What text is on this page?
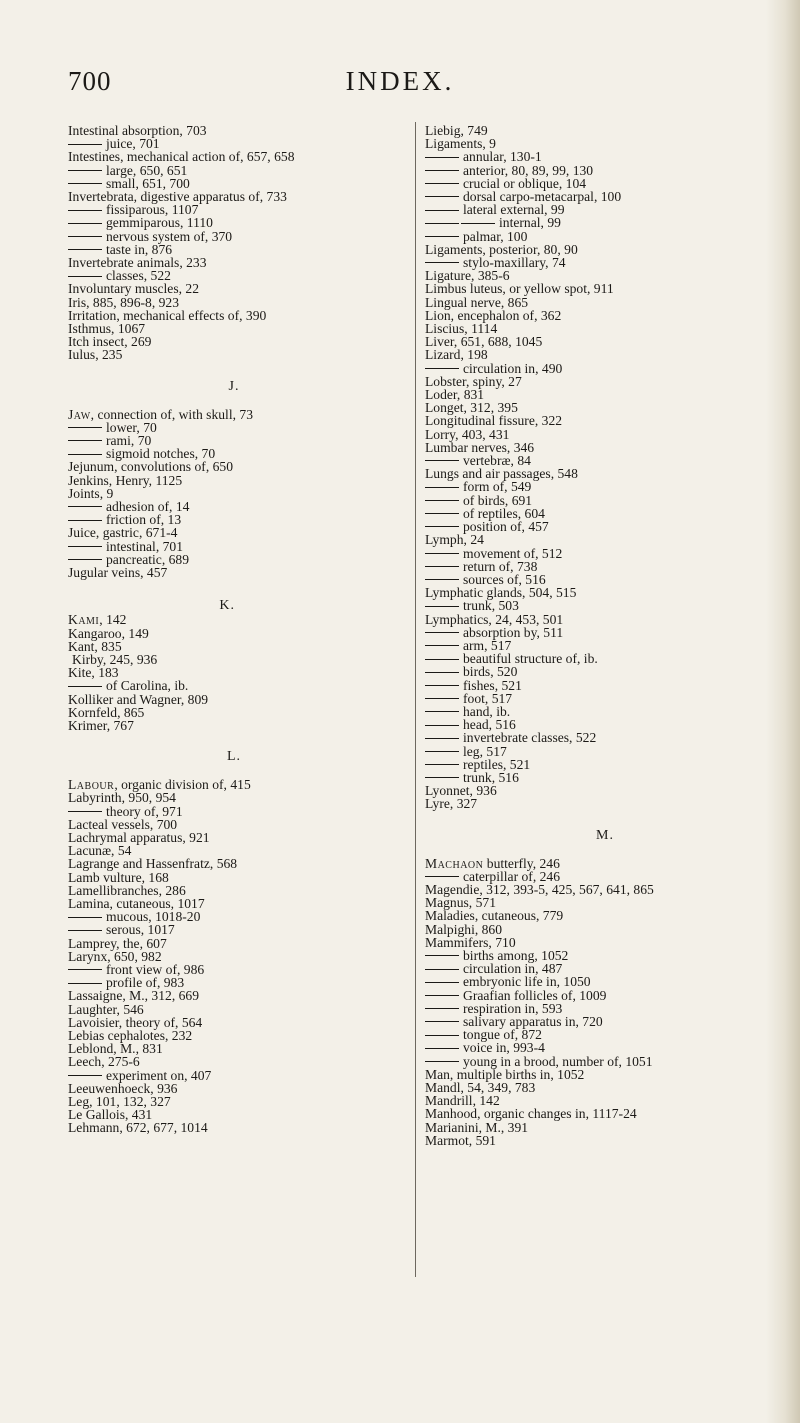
700	INDEX.
Intestinal absorption, 703
juice, 701
Intestines, mechanical action of, 657, 658
large, 650, 651
small, 651, 700
Invertebrata, digestive apparatus of, 733
fissiparous, 1107
gemmiparous, 1110
nervous system of, 370
taste in, 876
Invertebrate animals, 233
classes, 522
Involuntary muscles, 22
Iris, 885, 896-8, 923
Irritation, mechanical effects of, 390
Isthmus, 1067
Itch insect, 269
Iulus, 235
J.
Jaw, connection of, with skull, 73
lower, 70
rami, 70
sigmoid notches, 70
Jejunum, convolutions of, 650
Jenkins, Henry, 1125
Joints, 9
adhesion of, 14
friction of, 13
Juice, gastric, 671-4
intestinal, 701
pancreatic, 689
Jugular veins, 457
K.
Kami, 142
Kangaroo, 149
Kant, 835
Kirby, 245, 936
Kite, 183
of Carolina, ib.
Kolliker and Wagner, 809
Kornfeld, 865
Krimer, 767
L.
Labour, organic division of, 415
Labyrinth, 950, 954
theory of, 971
Lacteal vessels, 700
Lachrymal apparatus, 921
Lacunæ, 54
Lagrange and Hassenfratz, 568
Lamb vulture, 168
Lamellibranches, 286
Lamina, cutaneous, 1017
mucous, 1018-20
serous, 1017
Lamprey, the, 607
Larynx, 650, 982
front view of, 986
profile of, 983
Lassaigne, M., 312, 669
Laughter, 546
Lavoisier, theory of, 564
Lebias cephalotes, 232
Leblond, M., 831
Leech, 275-6
experiment on, 407
Leeuwenhoeck, 936
Leg, 101, 132, 327
Le Gallois, 431
Lehmann, 672, 677, 1014
Liebig, 749
Ligaments, 9
annular, 130-1
anterior, 80, 89, 99, 130
crucial or oblique, 104
dorsal carpo-metacarpal, 100
lateral external, 99
internal, 99
palmar, 100
Ligaments, posterior, 80, 90
stylo-maxillary, 74
Ligature, 385-6
Limbus luteus, or yellow spot, 911
Lingual nerve, 865
Lion, encephalon of, 362
Liscius, 1114
Liver, 651, 688, 1045
Lizard, 198
circulation in, 490
Lobster, spiny, 27
Loder, 831
Longet, 312, 395
Longitudinal fissure, 322
Lorry, 403, 431
Lumbar nerves, 346
vertebræ, 84
Lungs and air passages, 548
form of, 549
of birds, 691
of reptiles, 604
position of, 457
Lymph, 24
movement of, 512
return of, 738
sources of, 516
Lymphatic glands, 504, 515
trunk, 503
Lymphatics, 24, 453, 501
absorption by, 511
arm, 517
beautiful structure of, ib.
birds, 520
fishes, 521
foot, 517
hand, ib.
head, 516
invertebrate classes, 522
leg, 517
reptiles, 521
trunk, 516
Lyonnet, 936
Lyre, 327
M.
Machaon butterfly, 246
caterpillar of, 246
Magendie, 312, 393-5, 425, 567, 641, 865
Magnus, 571
Maladies, cutaneous, 779
Malpighi, 860
Mammifers, 710
births among, 1052
circulation in, 487
embryonic life in, 1050
Graafian follicles of, 1009
respiration in, 593
salivary apparatus in, 720
tongue of, 872
voice in, 993-4
young in a brood, number of, 1051
Man, multiple births in, 1052
Mandl, 54, 349, 783
Mandrill, 142
Manhood, organic changes in, 1117-24
Marianini, M., 391
Marmot, 591
